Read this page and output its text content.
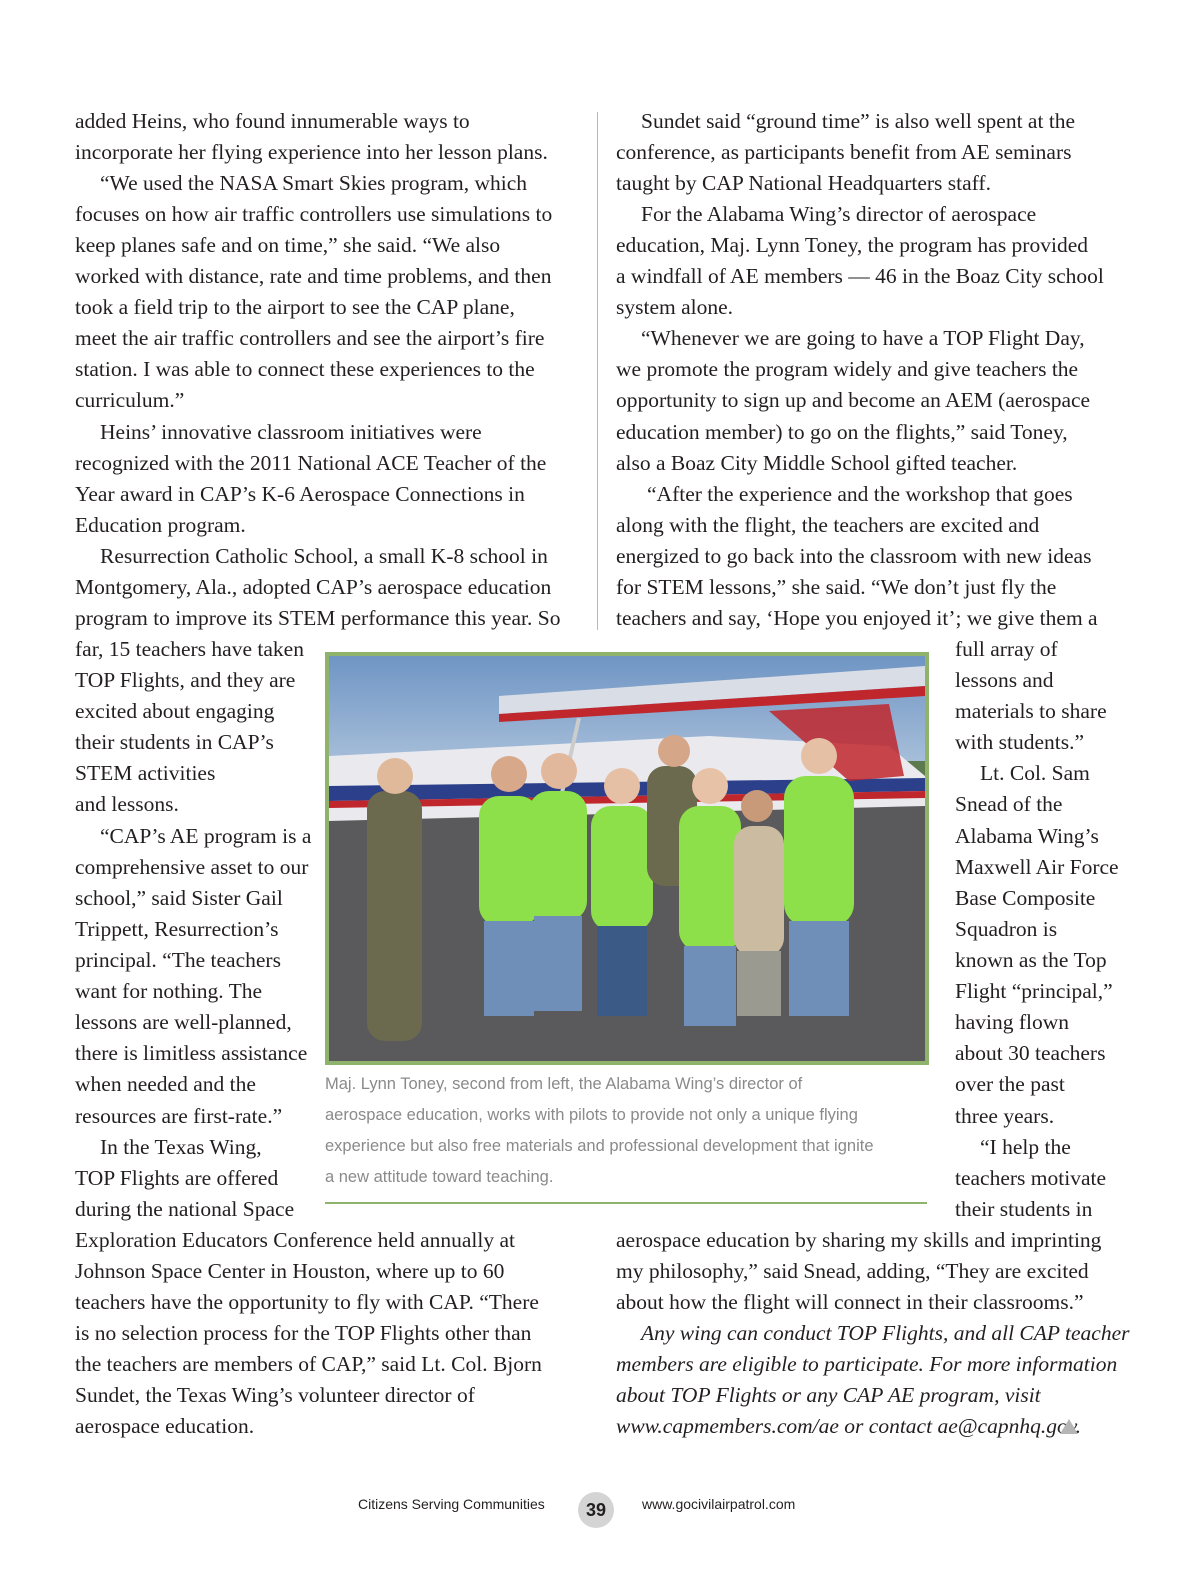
added Heins, who found innumerable ways to

incorporate her flying experience into her lesson plans.

“We used the NASA Smart Skies program, which

focuses on how air traffic controllers use simulations to

keep planes safe and on time,” she said. “We also

worked with distance, rate and time problems, and then

took a field trip to the airport to see the CAP plane,

meet the air traffic controllers and see the airport’s fire

station. I was able to connect these experiences to the

curriculum.”

Heins’ innovative classroom initiatives were

recognized with the 2011 National ACE Teacher of the

Year award in CAP’s K-6 Aerospace Connections in

Education program.

Resurrection Catholic School, a small K-8 school in

Montgomery, Ala., adopted CAP’s aerospace education

program to improve its STEM performance this year. So

far, 15 teachers have taken

TOP Flights, and they are

excited about engaging

their students in CAP’s

STEM activities

and lessons.

“CAP’s AE program is a

comprehensive asset to our

school,” said Sister Gail

Trippett, Resurrection’s

principal. “The teachers

want for nothing. The

lessons are well-planned,

there is limitless assistance

when needed and the

resources are first-rate.”

In the Texas Wing,

TOP Flights are offered

during the national Space

Exploration Educators Conference held annually at

Johnson Space Center in Houston, where up to 60

teachers have the opportunity to fly with CAP. “There

is no selection process for the TOP Flights other than

the teachers are members of CAP,” said Lt. Col. Bjorn

Sundet, the Texas Wing’s volunteer director of

aerospace education.

Sundet said “ground time” is also well spent at the

conference, as participants benefit from AE seminars

taught by CAP National Headquarters staff.

For the Alabama Wing’s director of aerospace

education, Maj. Lynn Toney, the program has provided

a windfall of AE members — 46 in the Boaz City school

system alone.

“Whenever we are going to have a TOP Flight Day,

we promote the program widely and give teachers the

opportunity to sign up and become an AEM (aerospace

education member) to go on the flights,” said Toney,

also a Boaz City Middle School gifted teacher.

“After the experience and the workshop that goes

along with the flight, the teachers are excited and

energized to go back into the classroom with new ideas

for STEM lessons,” she said. “We don’t just fly the

teachers and say, ‘Hope you enjoyed it’; we give them a

full array of

lessons and

materials to share

with students.”

Lt. Col. Sam

Snead of the

Alabama Wing’s

Maxwell Air Force

Base Composite

Squadron is

known as the Top

Flight “principal,”

having flown

about 30 teachers

over the past

three years.

“I help the

teachers motivate

their students in

aerospace education by sharing my skills and imprinting

my philosophy,” said Snead, adding, “They are excited

about how the flight will connect in their classrooms.”

Any wing can conduct TOP Flights, and all CAP teacher

members are eligible to participate. For more information

about TOP Flights or any CAP AE program, visit

www.capmembers.com/ae or contact ae@capnhq.gov.

Maj. Lynn Toney, second from left, the Alabama Wing’s director of
aerospace education, works with pilots to provide not only a unique flying
experience but also free materials and professional development that ignite
a new attitude toward teaching.
Citizens Serving Communities	39	www.gocivilairpatrol.com
